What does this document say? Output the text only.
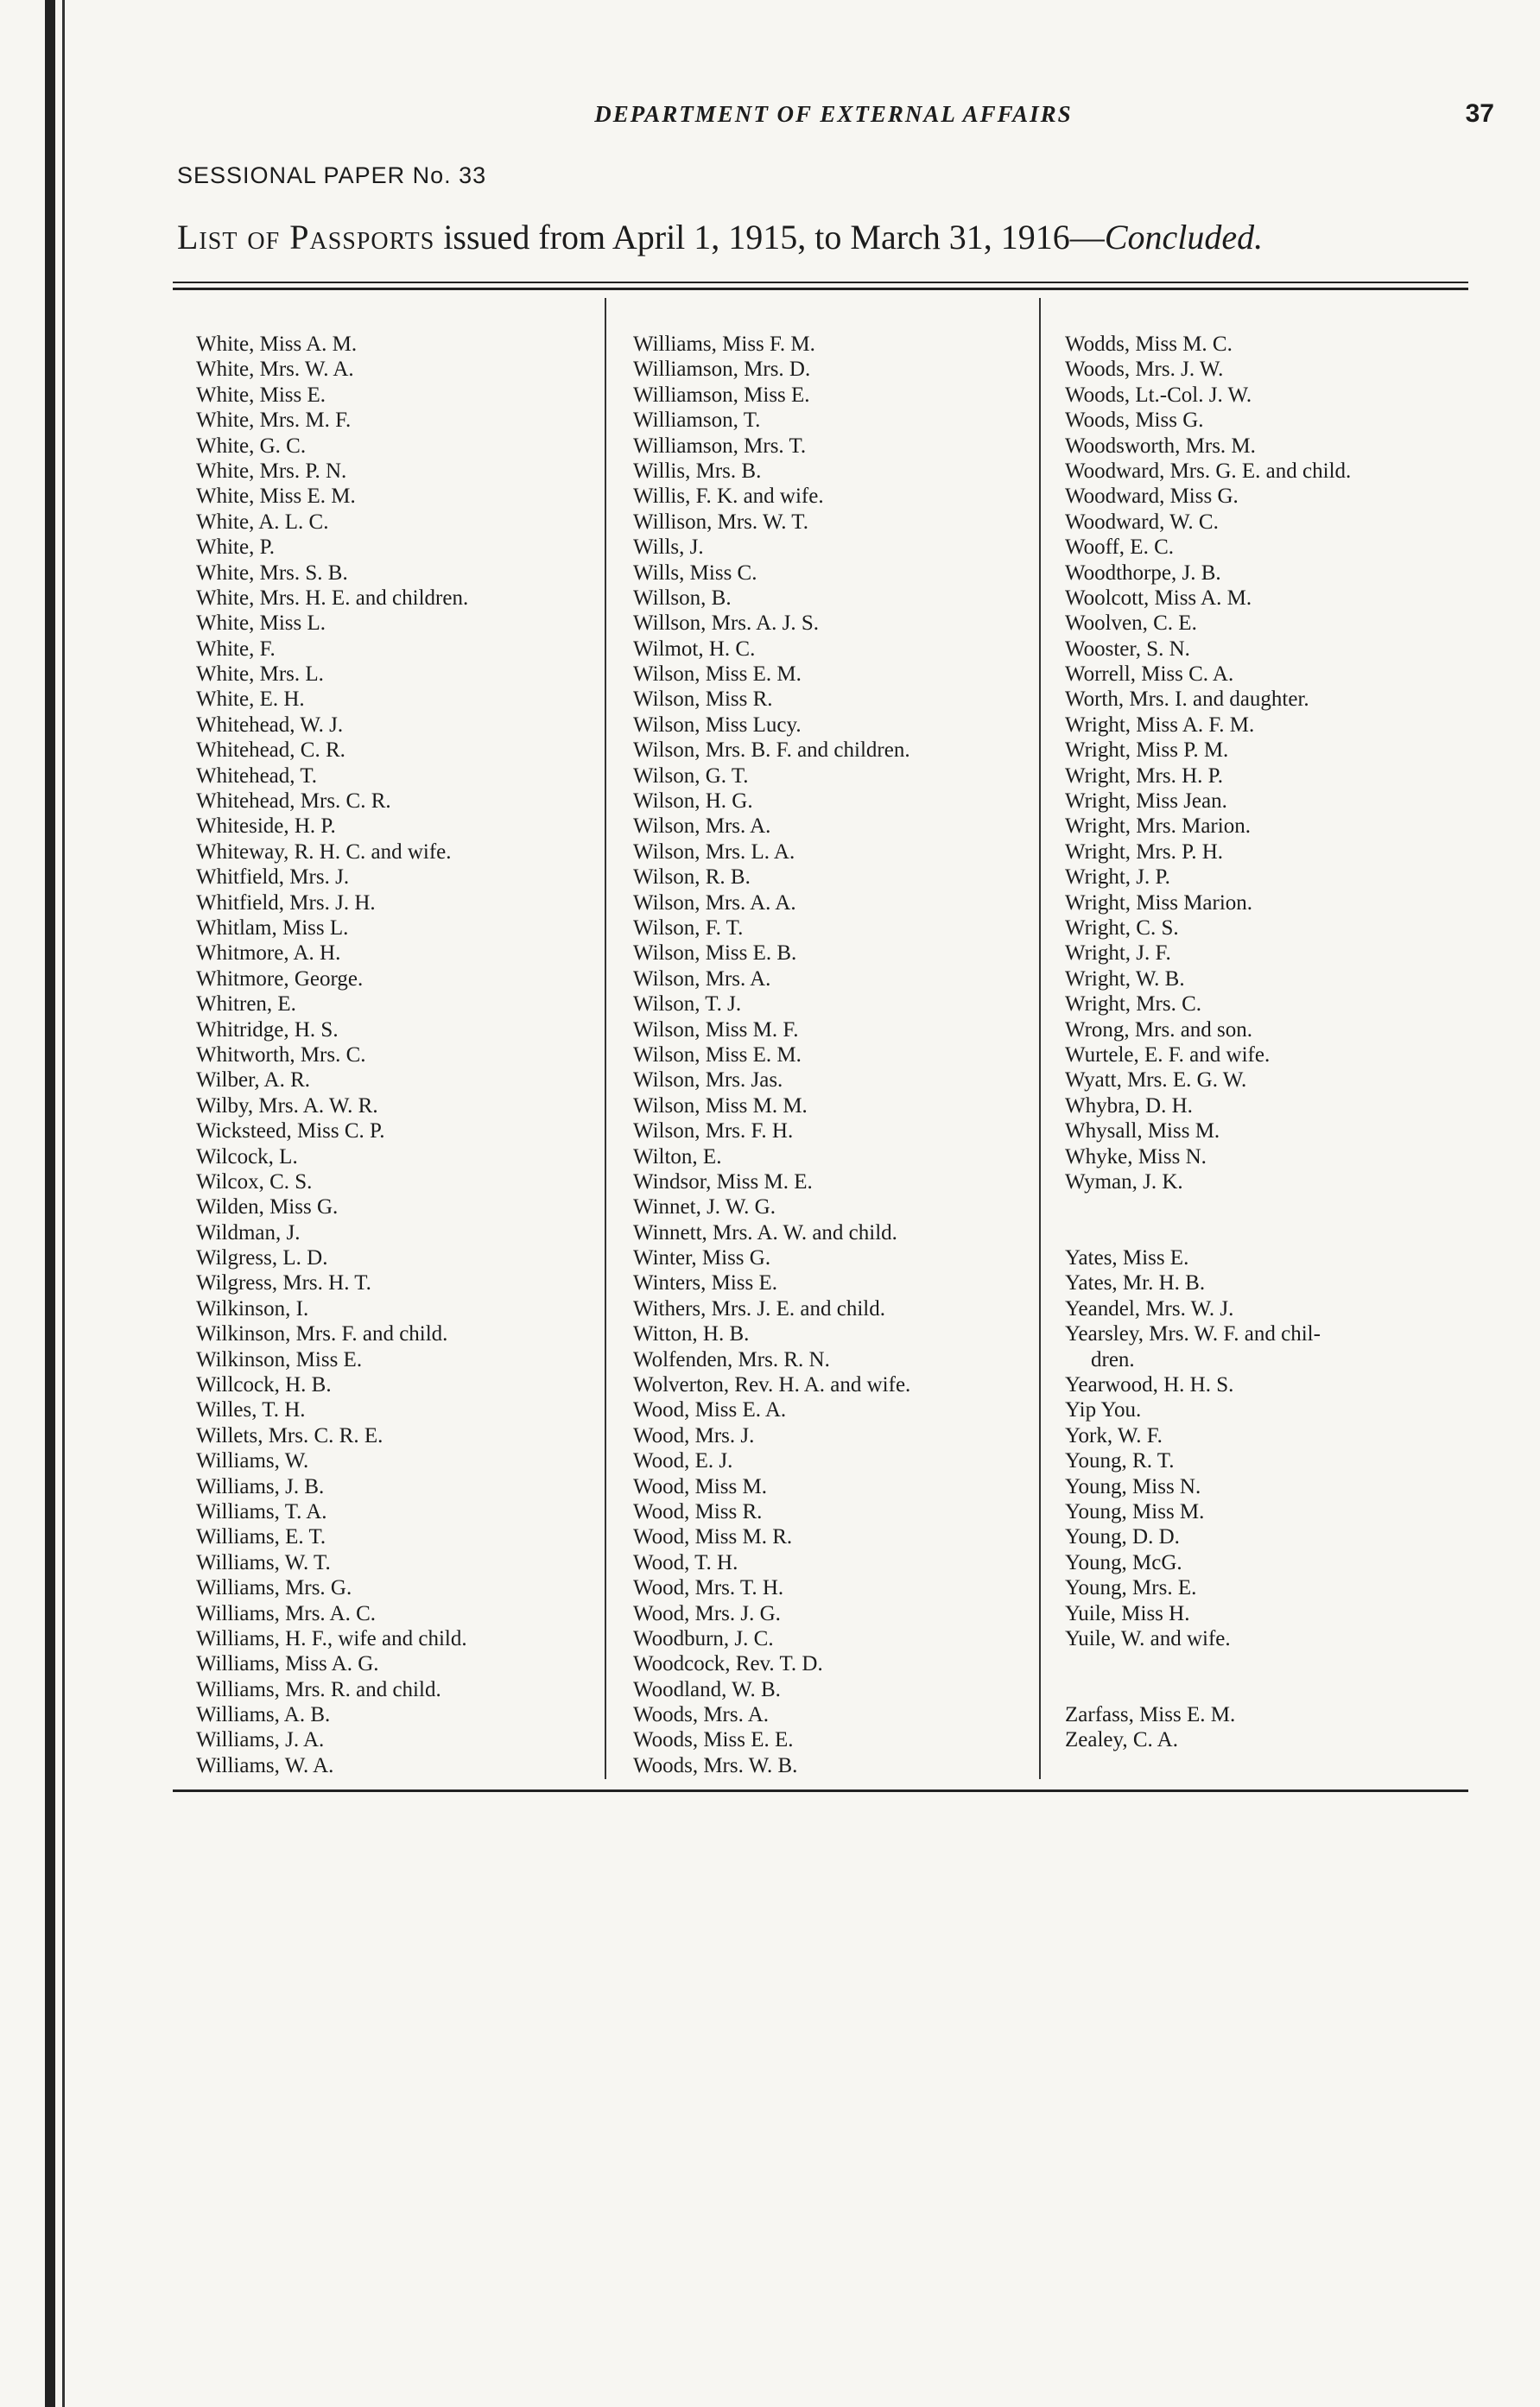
DEPARTMENT OF EXTERNAL AFFAIRS	37
SESSIONAL PAPER No. 33
List of Passports issued from April 1, 1915, to March 31, 1916—Concluded.
White, Miss A. M.
White, Mrs. W. A.
White, Miss E.
White, Mrs. M. F.
White, G. C.
White, Mrs. P. N.
White, Miss E. M.
White, A. L. C.
White, P.
White, Mrs. S. B.
White, Mrs. H. E. and children.
White, Miss L.
White, F.
White, Mrs. L.
White, E. H.
Whitehead, W. J.
Whitehead, C. R.
Whitehead, T.
Whitehead, Mrs. C. R.
Whiteside, H. P.
Whiteway, R. H. C. and wife.
Whitfield, Mrs. J.
Whitfield, Mrs. J. H.
Whitlam, Miss L.
Whitmore, A. H.
Whitmore, George.
Whitren, E.
Whitridge, H. S.
Whitworth, Mrs. C.
Wilber, A. R.
Wilby, Mrs. A. W. R.
Wicksteed, Miss C. P.
Wilcock, L.
Wilcox, C. S.
Wilden, Miss G.
Wildman, J.
Wilgress, L. D.
Wilgress, Mrs. H. T.
Wilkinson, I.
Wilkinson, Mrs. F. and child.
Wilkinson, Miss E.
Willcock, H. B.
Willes, T. H.
Willets, Mrs. C. R. E.
Williams, W.
Williams, J. B.
Williams, T. A.
Williams, E. T.
Williams, W. T.
Williams, Mrs. G.
Williams, Mrs. A. C.
Williams, H. F., wife and child.
Williams, Miss A. G.
Williams, Mrs. R. and child.
Williams, A. B.
Williams, J. A.
Williams, W. A.
Williams, Miss F. M.
Williamson, Mrs. D.
Williamson, Miss E.
Williamson, T.
Williamson, Mrs. T.
Willis, Mrs. B.
Willis, F. K. and wife.
Willison, Mrs. W. T.
Wills, J.
Wills, Miss C.
Willson, B.
Willson, Mrs. A. J. S.
Wilmot, H. C.
Wilson, Miss E. M.
Wilson, Miss R.
Wilson, Miss Lucy.
Wilson, Mrs. B. F. and children.
Wilson, G. T.
Wilson, H. G.
Wilson, Mrs. A.
Wilson, Mrs. L. A.
Wilson, R. B.
Wilson, Mrs. A. A.
Wilson, F. T.
Wilson, Miss E. B.
Wilson, Mrs. A.
Wilson, T. J.
Wilson, Miss M. F.
Wilson, Miss E. M.
Wilson, Mrs. Jas.
Wilson, Miss M. M.
Wilson, Mrs. F. H.
Wilton, E.
Windsor, Miss M. E.
Winnet, J. W. G.
Winnett, Mrs. A. W. and child.
Winter, Miss G.
Winters, Miss E.
Withers, Mrs. J. E. and child.
Witton, H. B.
Wolfenden, Mrs. R. N.
Wolverton, Rev. H. A. and wife.
Wood, Miss E. A.
Wood, Mrs. J.
Wood, E. J.
Wood, Miss M.
Wood, Miss R.
Wood, Miss M. R.
Wood, T. H.
Wood, Mrs. T. H.
Wood, Mrs. J. G.
Woodburn, J. C.
Woodcock, Rev. T. D.
Woodland, W. B.
Woods, Mrs. A.
Woods, Miss E. E.
Woods, Mrs. W. B.
Wodds, Miss M. C.
Woods, Mrs. J. W.
Woods, Lt.-Col. J. W.
Woods, Miss G.
Woodsworth, Mrs. M.
Woodward, Mrs. G. E. and child.
Woodward, Miss G.
Woodward, W. C.
Wooff, E. C.
Woodthorpe, J. B.
Woolcott, Miss A. M.
Woolven, C. E.
Wooster, S. N.
Worrell, Miss C. A.
Worth, Mrs. I. and daughter.
Wright, Miss A. F. M.
Wright, Miss P. M.
Wright, Mrs. H. P.
Wright, Miss Jean.
Wright, Mrs. Marion.
Wright, Mrs. P. H.
Wright, J. P.
Wright, Miss Marion.
Wright, C. S.
Wright, J. F.
Wright, W. B.
Wright, Mrs. C.
Wrong, Mrs. and son.
Wurtele, E. F. and wife.
Wyatt, Mrs. E. G. W.
Whybra, D. H.
Whysall, Miss M.
Whyke, Miss N.
Wyman, J. K.
Yates, Miss E.
Yates, Mr. H. B.
Yeandel, Mrs. W. J.
Yearsley, Mrs. W. F. and chil-
dren.
Yearwood, H. H. S.
Yip You.
York, W. F.
Young, R. T.
Young, Miss N.
Young, Miss M.
Young, D. D.
Young, McG.
Young, Mrs. E.
Yuile, Miss H.
Yuile, W. and wife.
Zarfass, Miss E. M.
Zealey, C. A.
